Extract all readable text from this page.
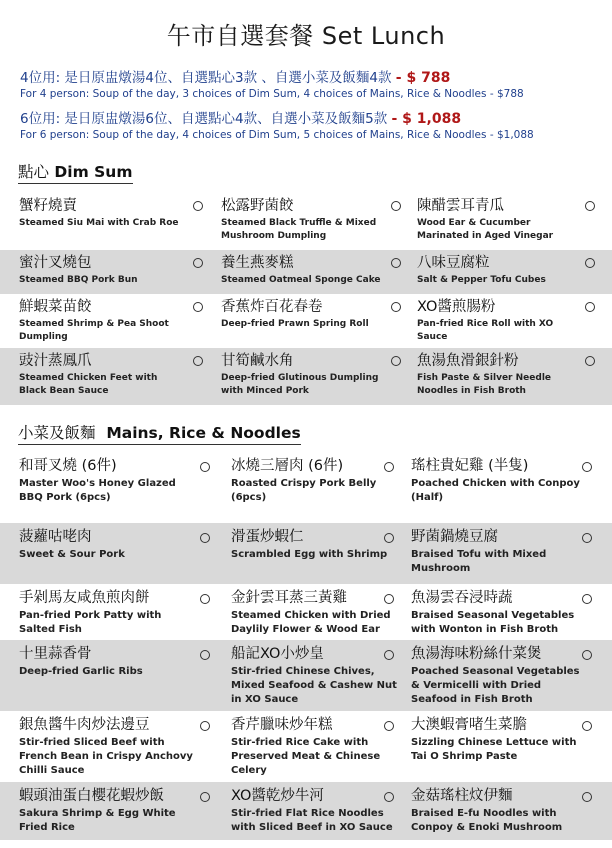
午市自選套餐 Set Lunch
4位用: 是日原盅燉湯4位、自選點心3款 、自選小菜及飯麵4款 - $ 788
For 4 person: Soup of the day, 3 choices of Dim Sum, 4 choices of Mains, Rice & Noodles - $788
6位用: 是日原盅燉湯6位、自選點心4款、自選小菜及飯麵5款 - $ 1,088
For 6 person: Soup of the day, 4 choices of Dim Sum, 5 choices of Mains, Rice & Noodles - $1,088
點心 Dim Sum
蟹籽燒賣
Steamed Siu Mai with Crab Roe
松露野菌餃
Steamed Black Truffle & Mixed Mushroom Dumpling
陳醋雲耳青瓜
Wood Ear & Cucumber Marinated in Aged Vinegar
蜜汁叉燒包
Steamed BBQ Pork Bun
養生燕麥糕
Steamed Oatmeal Sponge Cake
八味豆腐粒
Salt & Pepper Tofu Cubes
鮮蝦菜苗餃
Steamed Shrimp & Pea Shoot Dumpling
香蕉炸百花春卷
Deep-fried Prawn Spring Roll
XO醬煎腸粉
Pan-fried Rice Roll with XO Sauce
豉汁蒸鳳爪
Steamed Chicken Feet with Black Bean Sauce
甘筍鹹水角
Deep-fried Glutinous Dumpling with Minced Pork
魚湯魚滑銀針粉
Fish Paste & Silver Needle Noodles in Fish Broth
小菜及飯麵 Mains, Rice & Noodles
和哥叉燒 (6件)
Master Woo's Honey Glazed BBQ Pork (6pcs)
冰燒三層肉 (6件)
Roasted Crispy Pork Belly (6pcs)
瑤柱貴妃雞 (半隻)
Poached Chicken with Conpoy (Half)
菠蘿咕咾肉
Sweet & Sour Pork
滑蛋炒蝦仁
Scrambled Egg with Shrimp
野菌鍋燒豆腐
Braised Tofu with Mixed Mushroom
手剁馬友咸魚煎肉餅
Pan-fried Pork Patty with Salted Fish
金針雲耳蒸三黃雞
Steamed Chicken with Dried Daylily Flower & Wood Ear
魚湯雲吞浸時蔬
Braised Seasonal Vegetables with Wonton in Fish Broth
十里蒜香骨
Deep-fried Garlic Ribs
船記XO小炒皇
Stir-fried Chinese Chives, Mixed Seafood & Cashew Nut in XO Sauce
魚湯海味粉絲什菜煲
Poached Seasonal Vegetables & Vermicelli with Dried Seafood in Fish Broth
銀魚醬牛肉炒法邊豆
Stir-fried Sliced Beef with French Bean in Crispy Anchovy Chilli Sauce
香芹臘味炒年糕
Stir-fried Rice Cake with Preserved Meat & Chinese Celery
大澳蝦膏啫生菜膽
Sizzling Chinese Lettuce with Tai O Shrimp Paste
蝦頭油蛋白櫻花蝦炒飯
Sakura Shrimp & Egg White Fried Rice
XO醬乾炒牛河
Stir-fried Flat Rice Noodles with Sliced Beef in XO Sauce
金菇瑤柱炆伊麵
Braised E-fu Noodles with Conpoy & Enoki Mushroom
